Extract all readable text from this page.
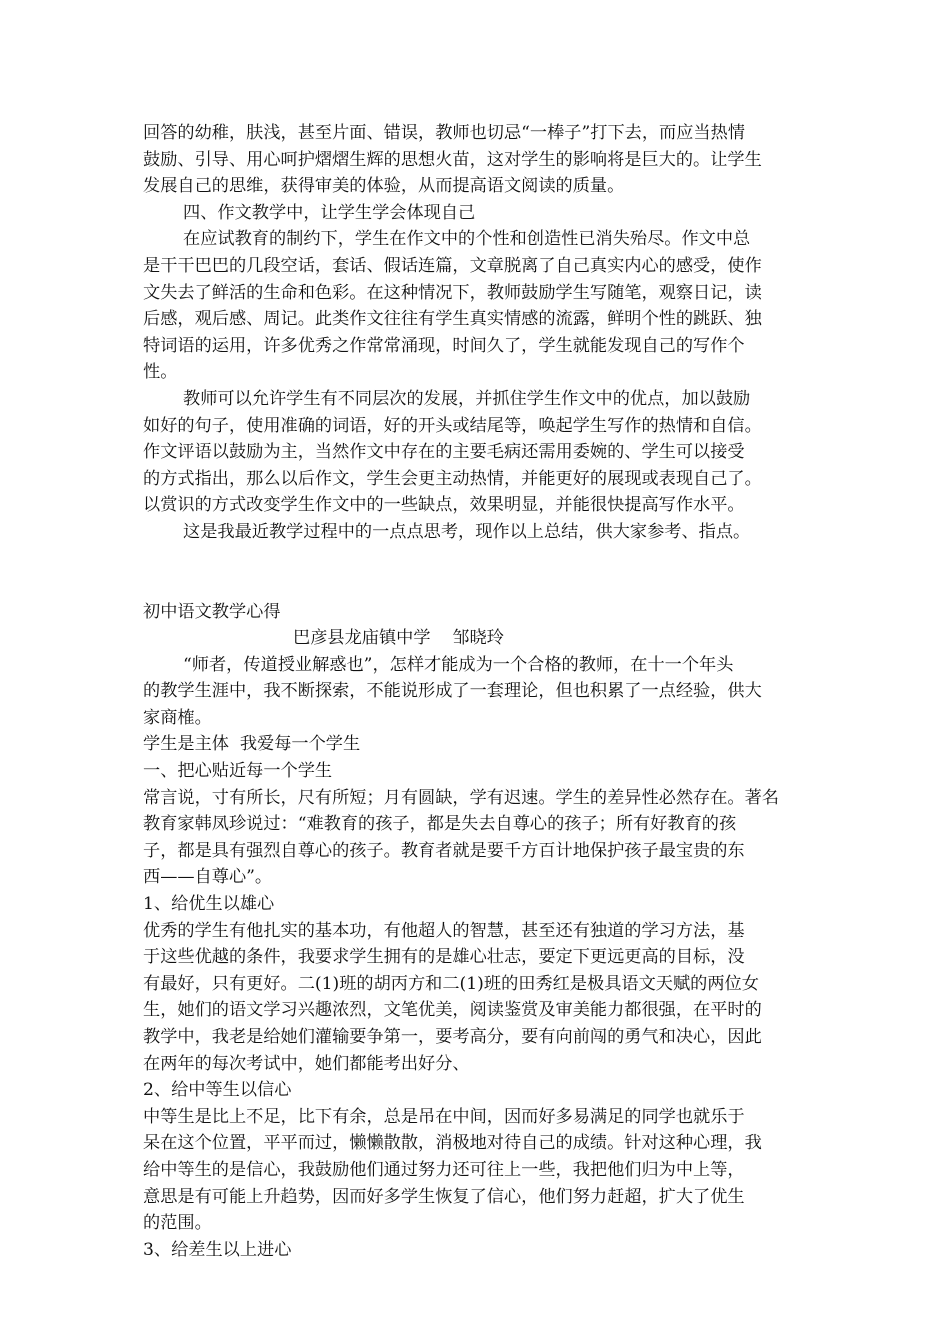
回答的幼稚，肤浅，甚至片面、错误，教师也切忌“一棒子”打下去，而应当热情
鼓励、引导、用心呵护熠熠生辉的思想火苗，这对学生的影响将是巨大的。让学生
发展自己的思维，获得审美的体验，从而提高语文阅读的质量。
四、作文教学中，让学生学会体现自己
在应试教育的制约下，学生在作文中的个性和创造性已消失殆尽。作文中总
是干干巴巴的几段空话，套话、假话连篇，文章脱离了自己真实内心的感受，使作
文失去了鲜活的生命和色彩。在这种情况下，教师鼓励学生写随笔，观察日记，读
后感，观后感、周记。此类作文往往有学生真实情感的流露，鲜明个性的跳跃、独
特词语的运用，许多优秀之作常常涌现，时间久了，学生就能发现自己的写作个
性。
教师可以允许学生有不同层次的发展，并抓住学生作文中的优点，加以鼓励
如好的句子，使用准确的词语，好的开头或结尾等，唤起学生写作的热情和自信。
作文评语以鼓励为主，当然作文中存在的主要毛病还需用委婉的、学生可以接受
的方式指出，那么以后作文，学生会更主动热情，并能更好的展现或表现自己了。
以赏识的方式改变学生作文中的一些缺点，效果明显，并能很快提高写作水平。
这是我最近教学过程中的一点点思考，现作以上总结，供大家参考、指点。
初中语文教学心得
巴彦县龙庙镇中学    邹晓玲
“师者，传道授业解惑也”，怎样才能成为一个合格的教师，在十一个年头
的教学生涯中，我不断探索，不能说形成了一套理论，但也积累了一点经验，供大
家商榷。
学生是主体  我爱每一个学生
一、把心贴近每一个学生
常言说，寸有所长，尺有所短；月有圆缺，学有迟速。学生的差异性必然存在。著名
教育家韩凤珍说过：“难教育的孩子，都是失去自尊心的孩子；所有好教育的孩
子，都是具有强烈自尊心的孩子。教育者就是要千方百计地保护孩子最宝贵的东
西——自尊心”。
1、给优生以雄心
优秀的学生有他扎实的基本功，有他超人的智慧，甚至还有独道的学习方法，基
于这些优越的条件，我要求学生拥有的是雄心壮志，要定下更远更高的目标，没
有最好，只有更好。二(1)班的胡丙方和二(1)班的田秀红是极具语文天赋的两位女
生，她们的语文学习兴趣浓烈，文笔优美，阅读鉴赏及审美能力都很强，在平时的
教学中，我老是给她们灌输要争第一，要考高分，要有向前闯的勇气和决心，因此
在两年的每次考试中，她们都能考出好分、
2、给中等生以信心
中等生是比上不足，比下有余，总是吊在中间，因而好多易满足的同学也就乐于
呆在这个位置，平平而过，懒懒散散，消极地对待自己的成绩。针对这种心理，我
给中等生的是信心，我鼓励他们通过努力还可往上一些，我把他们归为中上等，
意思是有可能上升趋势，因而好多学生恢复了信心，他们努力赶超，扩大了优生
的范围。
3、给差生以上进心
